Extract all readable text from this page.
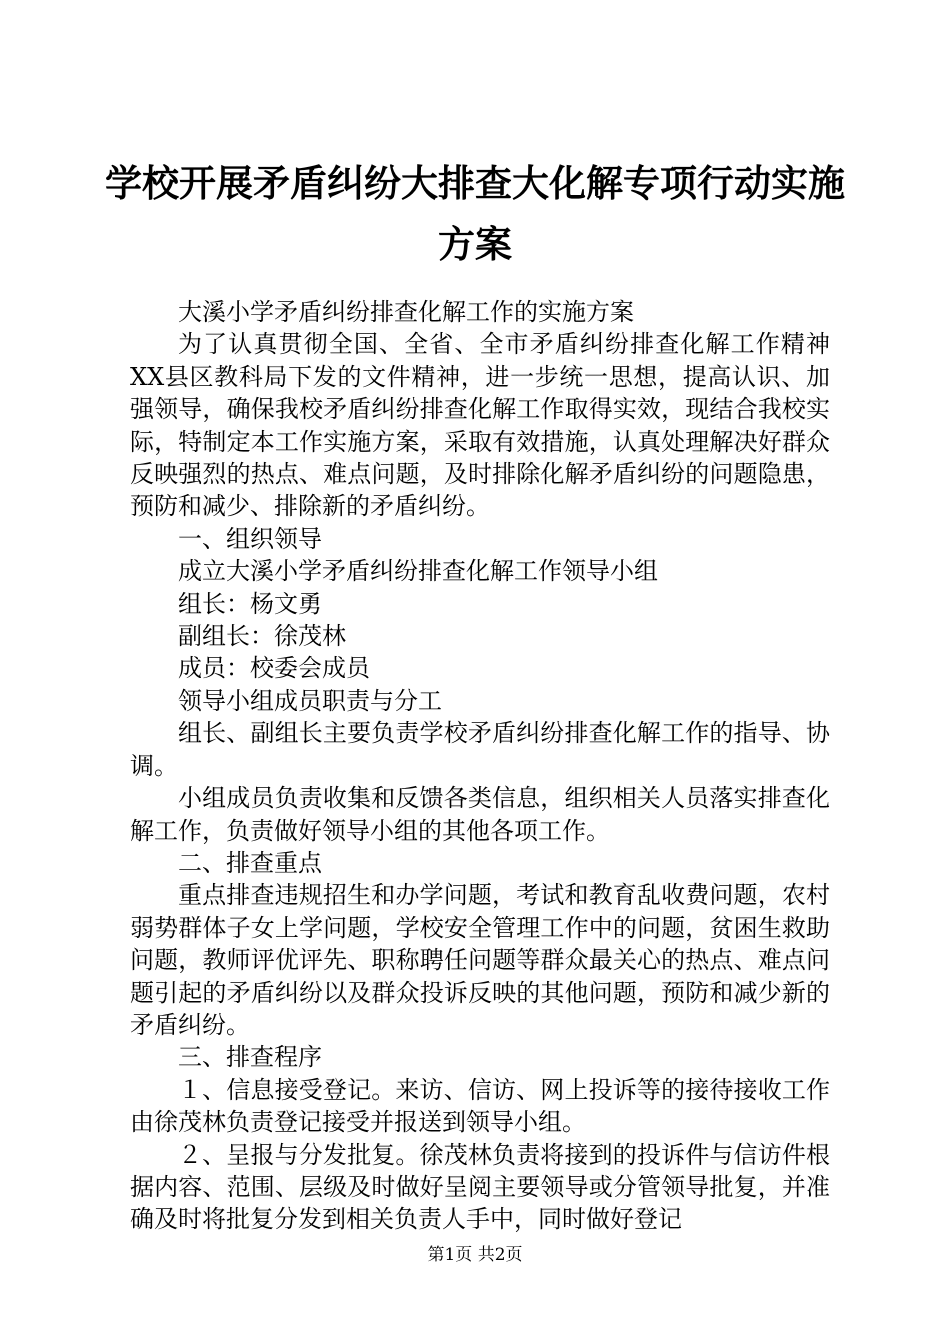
学校开展矛盾纠纷大排查大化解专项行动实施
方案

大溪小学矛盾纠纷排查化解工作的实施方案

为了认真贯彻全国、全省、全市矛盾纠纷排查化解工作精神XX县区教科局下发的文件精神，进一步统一思想，提高认识、加强领导，确保我校矛盾纠纷排查化解工作取得实效，现结合我校实际，特制定本工作实施方案，采取有效措施，认真处理解决好群众反映强烈的热点、难点问题，及时排除化解矛盾纠纷的问题隐患，预防和减少、排除新的矛盾纠纷。

一、组织领导

成立大溪小学矛盾纠纷排查化解工作领导小组

组长：杨文勇

副组长：徐茂林

成员：校委会成员

领导小组成员职责与分工

组长、副组长主要负责学校矛盾纠纷排查化解工作的指导、协调。

小组成员负责收集和反馈各类信息，组织相关人员落实排查化解工作，负责做好领导小组的其他各项工作。

二、排查重点

重点排查违规招生和办学问题，考试和教育乱收费问题，农村弱势群体子女上学问题，学校安全管理工作中的问题，贫困生救助问题，教师评优评先、职称聘任问题等群众最关心的热点、难点问题引起的矛盾纠纷以及群众投诉反映的其他问题，预防和减少新的矛盾纠纷。

三、排查程序

１、信息接受登记。来访、信访、网上投诉等的接待接收工作由徐茂林负责登记接受并报送到领导小组。

２、呈报与分发批复。徐茂林负责将接到的投诉件与信访件根据内容、范围、层级及时做好呈阅主要领导或分管领导批复，并准确及时将批复分发到相关负责人手中，同时做好登记

第1页 共2页
